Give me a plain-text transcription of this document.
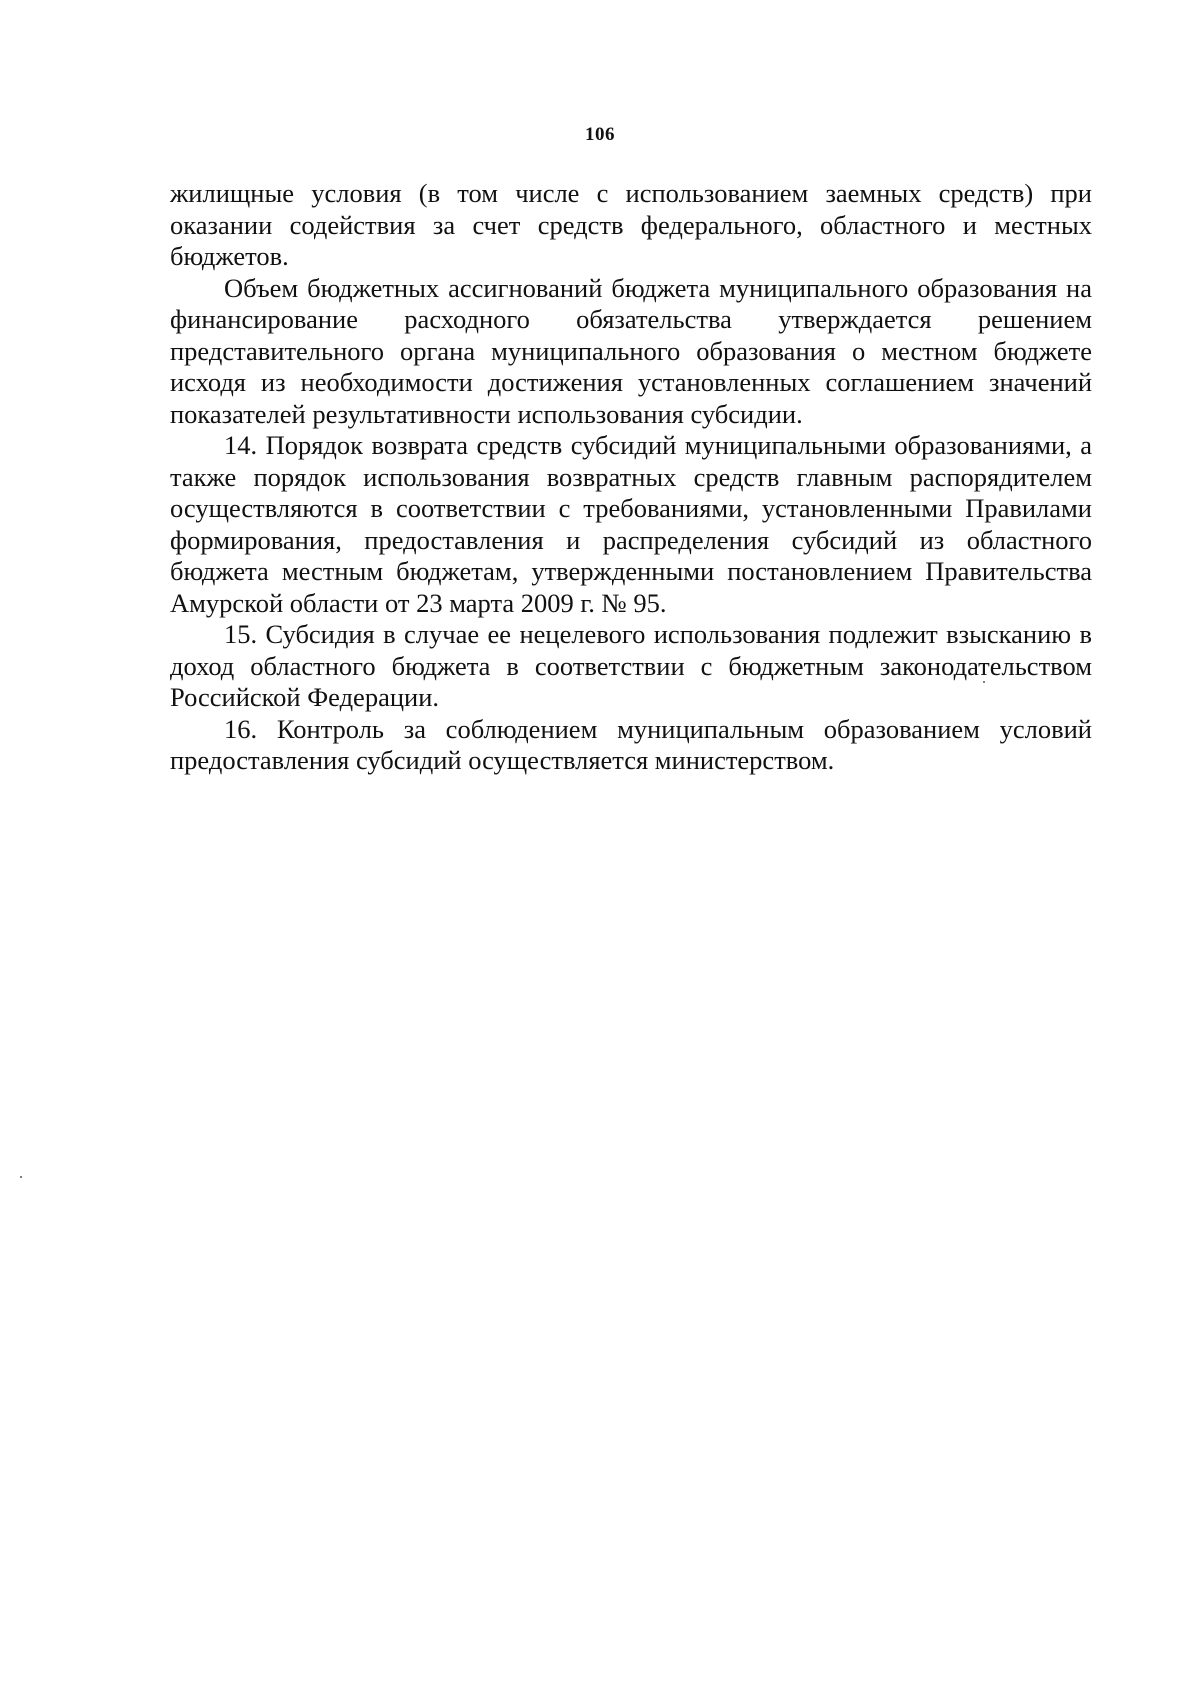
106

жилищные условия (в том числе с использованием заемных средств) при оказании содействия за счет средств федерального, областного и местных бюджетов.

Объем бюджетных ассигнований бюджета муниципального образования на финансирование расходного обязательства утверждается решением представительного органа муниципального образования о местном бюджете исходя из необходимости достижения установленных соглашением значений показателей результативности использования субсидии.

14. Порядок возврата средств субсидий муниципальными образованиями, а также порядок использования возвратных средств главным распорядителем осуществляются в соответствии с требованиями, установленными Правилами формирования, предоставления и распределения субсидий из областного бюджета местным бюджетам, утвержденными постановлением Правительства Амурской области от 23 марта 2009 г. № 95.

15. Субсидия в случае ее нецелевого использования подлежит взысканию в доход областного бюджета в соответствии с бюджетным законодательством Российской Федерации.

16. Контроль за соблюдением муниципальным образованием условий предоставления субсидий осуществляется министерством.
